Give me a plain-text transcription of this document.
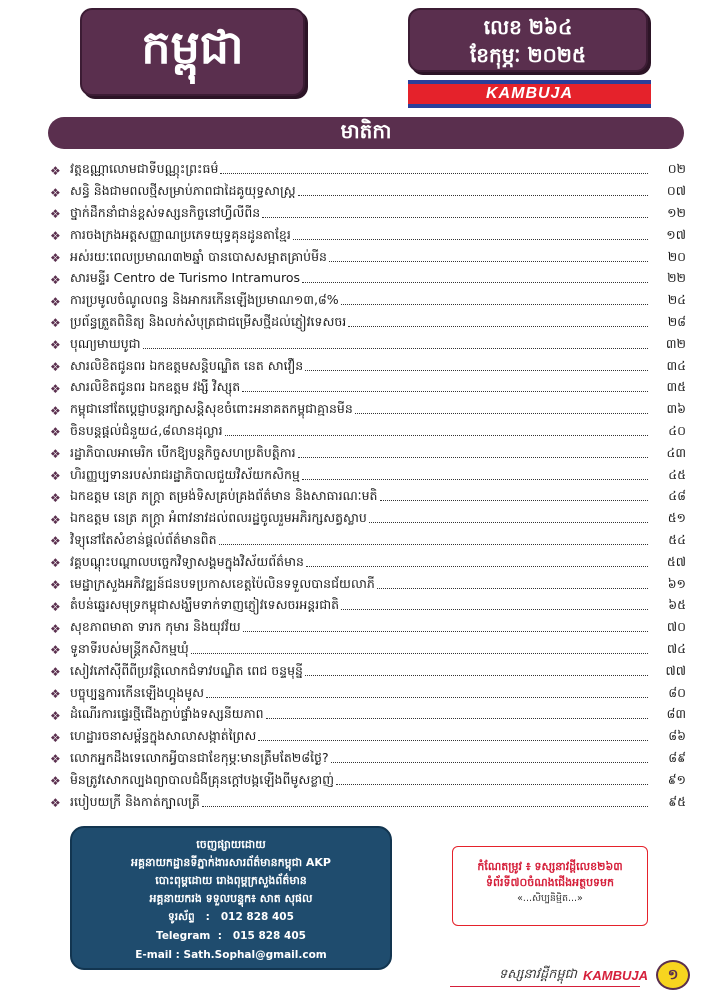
កម្ពុជា	លេខ ២៦៤
ខែកុម្ភៈ ២០២៥
KAMBUJA
មាតិកា
❖ វត្តឧណ្ណាលោមជាទីបណ្ណុះព្រះធម៌	០២
❖ សន្ធិ និងជាមពលថ្មីសម្រាប់ភាពជាដៃគូយុទ្ធសាស្ត្រ	០៧
❖ ថ្នាក់ដឹកនាំជាន់ខ្ពស់ទស្សនកិច្ចនៅហ្វីលីពីន	១២
❖ ការចងក្រងអត្តសញ្ញាណប្រភេទយុទ្ធគុនដូនតាខ្មែរ	១៧
❖ អស់រយៈពេលប្រមាណ៣២ឆ្នាំ បានបោសសម្អាតគ្រាប់មីន	២០
❖ សារមន្ទីរ Centro de Turismo Intramuros	២២
❖ ការប្រមូលចំណូលពន្ធ និងអាករកើនឡើងប្រមាណ១៣,៨%	២៤
❖ ប្រព័ន្ធត្រួតពិនិត្យ និងលក់សំបុត្រជាជម្រើសថ្មីដល់ភ្ញៀវទេសចរ	២៨
❖ បុណ្យមាឃបូជា	៣២
❖ សារលិខិតជូនពរ ឯកឧត្តមសន្តិបណ្ឌិត នេត សាវឿន	៣៤
❖ សារលិខិតជូនពរ ឯកឧត្តម វង្សី វិស្សុត	៣៥
❖ កម្ពុជានៅតែប្តេជ្ញាបន្តរក្សាសន្តិសុខចំពោះអនាគតកម្ពុជាគ្មានមីន	៣៦
❖ ចិនបន្តផ្តល់ជំនួយ៤,៨លានដុល្លារ	៤០
❖ រដ្ឋាភិបាលអាមេរិក បើកឱ្យបន្តកិច្ចសហប្រតិបត្តិការ	៤៣
❖ ហិរញ្ញប្បទានរបស់រាជរដ្ឋាភិបាលជួយវិស័យកសិកម្ម	៤៥
❖ ឯកឧត្តម នេត្រ ភក្ត្រា តម្រង់ទិសគ្រប់គ្រងព័ត៌មាន និងសាធារណៈមតិ	៤៨
❖ ឯកឧត្តម នេត្រ ភក្ត្រា អំពាវនាវដល់ពលរដ្ឋចូលរួមអភិរក្សសត្វស្លាប	៥១
❖ វិទ្យុនៅតែសំខាន់ផ្តល់ព័ត៌មានពិត	៥៤
❖ វគ្គបណ្តុះបណ្តាលបច្ចេកវិទ្យាសង្គមក្នុងវិស័យព័ត៌មាន	៥៧
❖ មេដ្ឋាក្រសួងអភិវឌ្ឍន៍ជនបទប្រកាសខេត្តប៉ៃលិនទទួលបានជ័យលាភី	៦១
❖ តំបន់ឆ្នេរសមុទ្រកម្ពុជាសង្ឃឹមទាក់ទាញភ្ញៀវទេសចរអន្តរជាតិ	៦៥
❖ សុខភាពមាតា ទារក កុមារ និងយុវវ័យ	៧០
❖ ទូនាទីរបស់មន្ត្រីកសិកម្មឃុំ	៧៤
❖ សៀវភៅស៊ីពីពីប្រវត្តិលោកជំទាវបណ្ឌិត ពេជ ចន្ទមុន្នី	៧៧
❖ បច្ចុប្បន្នការកើនឡើងហ្គុងមូស	៨០
❖ ដំណើរការផ្ទេរថ្មីជើងភ្ជាប់ផ្ទាំងទស្សនីយភាព	៨៣
❖ ហេដ្ឋារចនាសម្ព័ន្ធក្នុងសាលាសង្កាត់ព្រៃស	៨៦
❖ លោកអ្នកដឹងទេលោកអ្វីបានជាខែកុម្ភៈមានត្រឹមតែ២៨ថ្ងៃ?	៨៩
❖ មិនត្រូវសោកល្បងព្យាបាលជំងឺគ្រុនក្តៅបង្កឡើងពីមូសខ្លាញ់	៩១
❖ របៀបយក្រី និងកាត់ក្បាលត្រី	៩៥
ចេញផ្សាយដោយ
អគ្គនាយកដ្ឋានទីភ្នាក់ងារសារព័ត៌មានកម្ពុជា AKP
បោះពុម្ពដោយ រោងពុម្ពក្រសួងព័ត៌មាន
អគ្គនាយករង ទទួលបន្ទុក៖ សាត សុផល
ទូរស័ព្ទ   :   012 828 405
Telegram  :   015 828 405
E-mail : Sath.Sophal@gmail.com
កំណែតម្រូវ ៖ ទស្សនាវដ្តីលេខ២៦៣
ទំព័រទី៧០ចំណងជើងអត្ថបទមក
«...សិប្បនិម្មិត...»
ទស្សនាវដ្តីកម្ពុជា KAMBUJA ១
